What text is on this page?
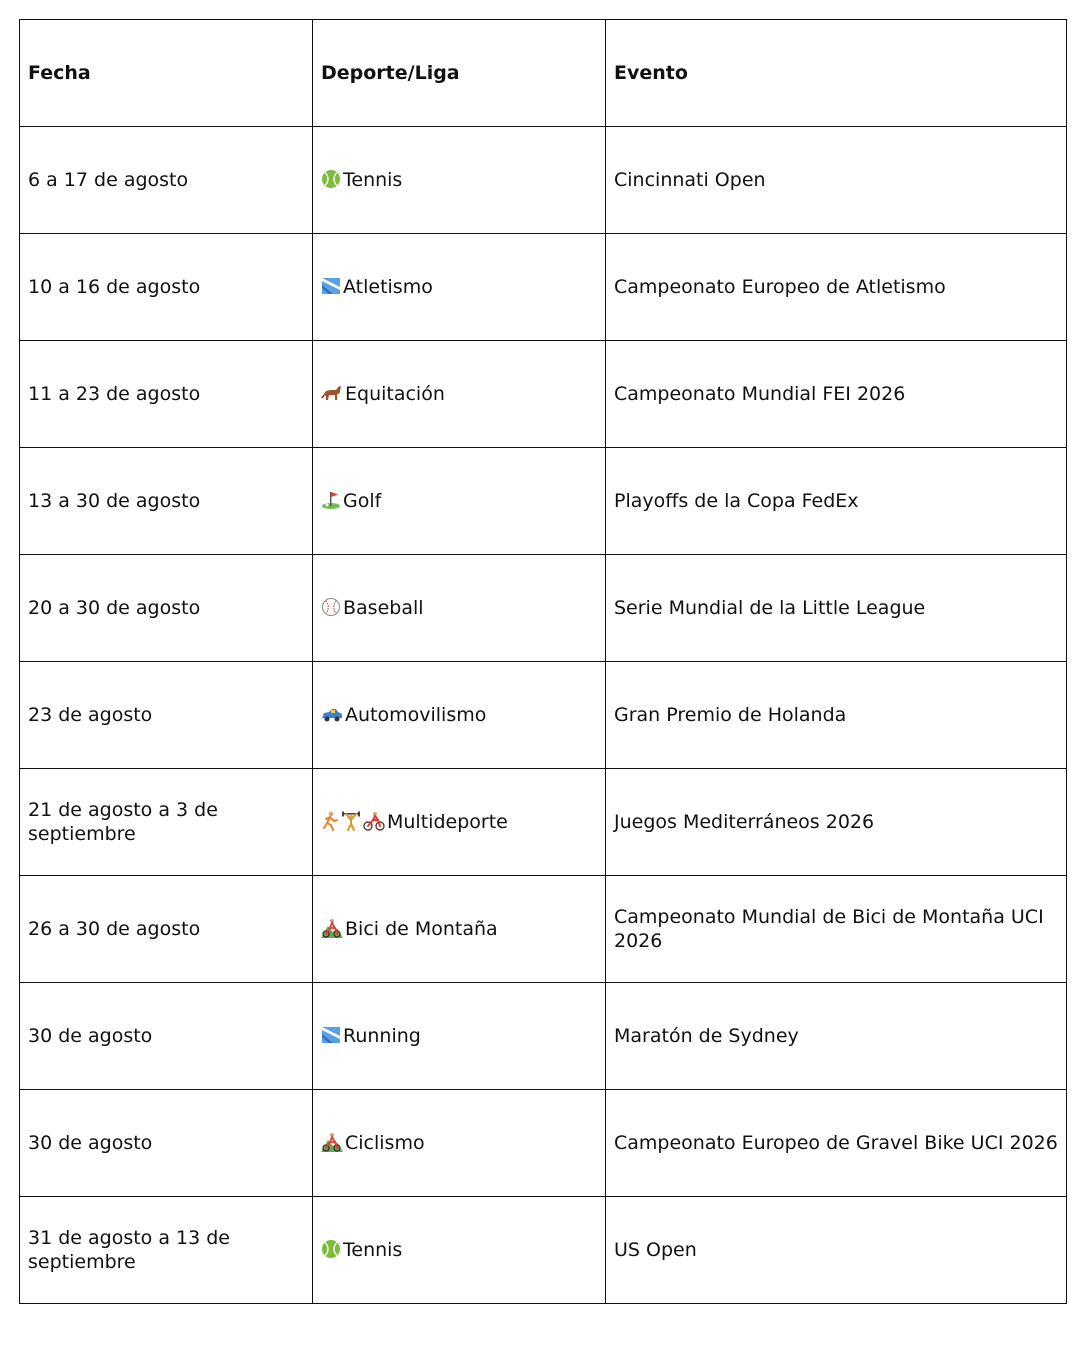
Fecha	Deporte/Liga	Evento
6 a 17 de agosto	Tennis	Cincinnati Open
10 a 16 de agosto	Atletismo	Campeonato Europeo de Atletismo
11 a 23 de agosto	Equitación	Campeonato Mundial FEI 2026
13 a 30 de agosto	Golf	Playoffs de la Copa FedEx
20 a 30 de agosto	Baseball	Serie Mundial de la Little League
23 de agosto	Automovilismo	Gran Premio de Holanda
21 de agosto a 3 de septiembre	Multideporte	Juegos Mediterráneos 2026
26 a 30 de agosto	Bici de Montaña	Campeonato Mundial de Bici de Montaña UCI 2026
30 de agosto	Running	Maratón de Sydney
30 de agosto	Ciclismo	Campeonato Europeo de Gravel Bike UCI 2026
31 de agosto a 13 de septiembre	Tennis	US Open
